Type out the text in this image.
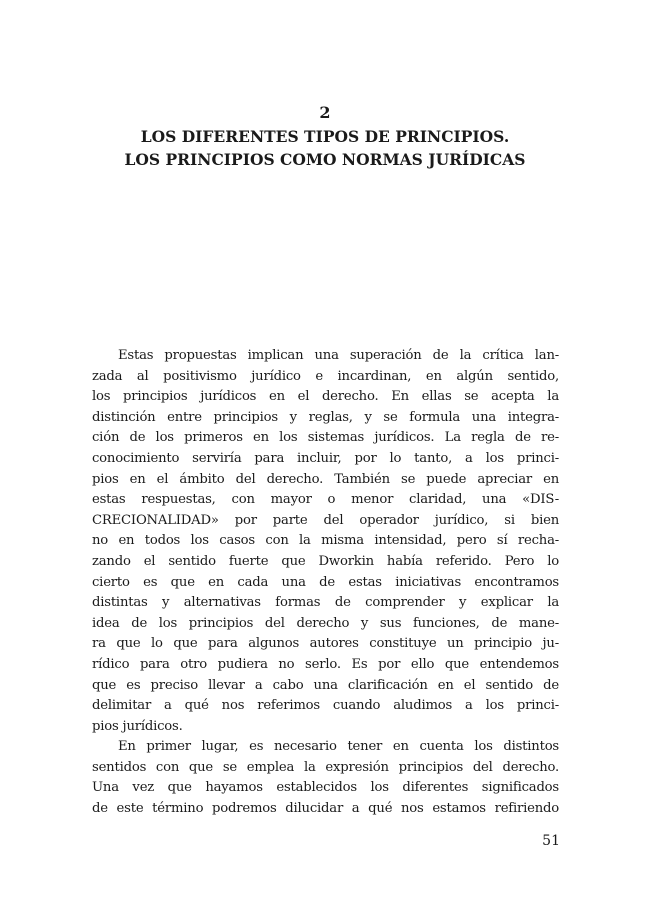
2

LOS DIFERENTES TIPOS DE PRINCIPIOS.
LOS PRINCIPIOS COMO NORMAS JURÍDICAS
Estas propuestas implican una superación de la crítica lan-
zada al positivismo jurídico e incardinan, en algún sentido,
los principios jurídicos en el derecho. En ellas se acepta la
distinción entre principios y reglas, y se formula una integra-
ción de los primeros en los sistemas jurídicos. La regla de re-
conocimiento serviría para incluir, por lo tanto, a los princi-
pios en el ámbito del derecho. También se puede apreciar en
estas respuestas, con mayor o menor claridad, una «DIS-
CRECIONALIDAD» por parte del operador jurídico, si bien
no en todos los casos con la misma intensidad, pero sí recha-
zando el sentido fuerte que Dworkin había referido. Pero lo
cierto es que en cada una de estas iniciativas encontramos
distintas y alternativas formas de comprender y explicar la
idea de los principios del derecho y sus funciones, de mane-
ra que lo que para algunos autores constituye un principio ju-
rídico para otro pudiera no serlo. Es por ello que entendemos
que es preciso llevar a cabo una clarificación en el sentido de
delimitar a qué nos referimos cuando aludimos a los princi-
pios jurídicos.
En primer lugar, es necesario tener en cuenta los distintos
sentidos con que se emplea la expresión principios del derecho.
Una vez que hayamos establecidos los diferentes significados
de este término podremos dilucidar a qué nos estamos refiriendo

51
